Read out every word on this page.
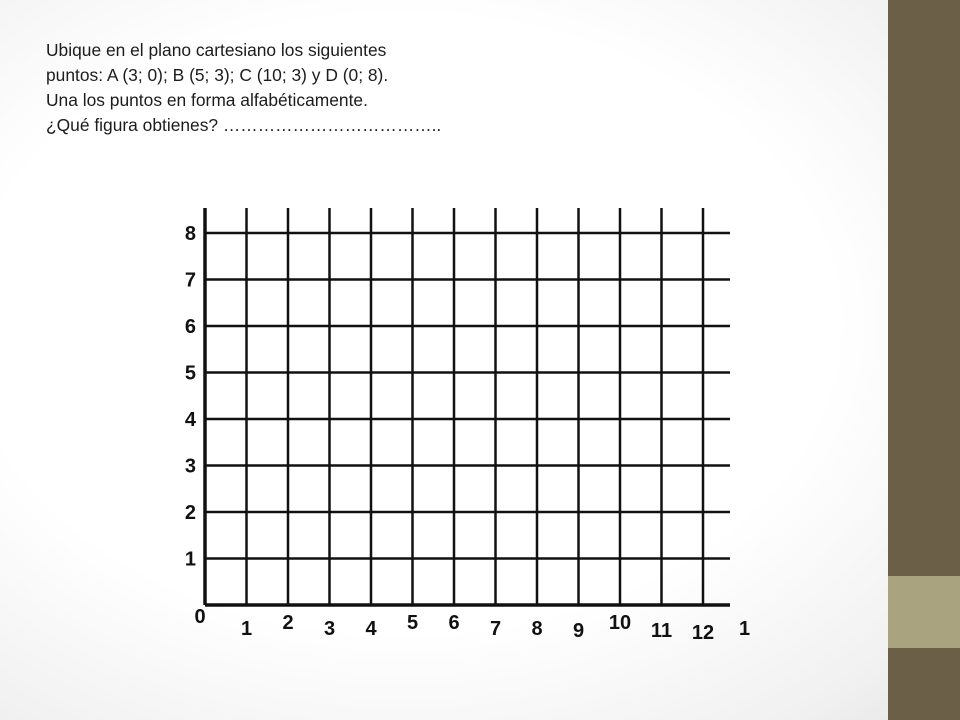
Ubique en el plano cartesiano los siguientes
puntos: A (3; 0); B (5; 3); C (10; 3) y D (0; 8).
Una los puntos en forma alfabéticamente.
¿Qué figura obtienes? ………………………………..
0
1 2 3 4 5 6 7 8 9 10 11 12 1
1
2
3
4
5
6
7
8
